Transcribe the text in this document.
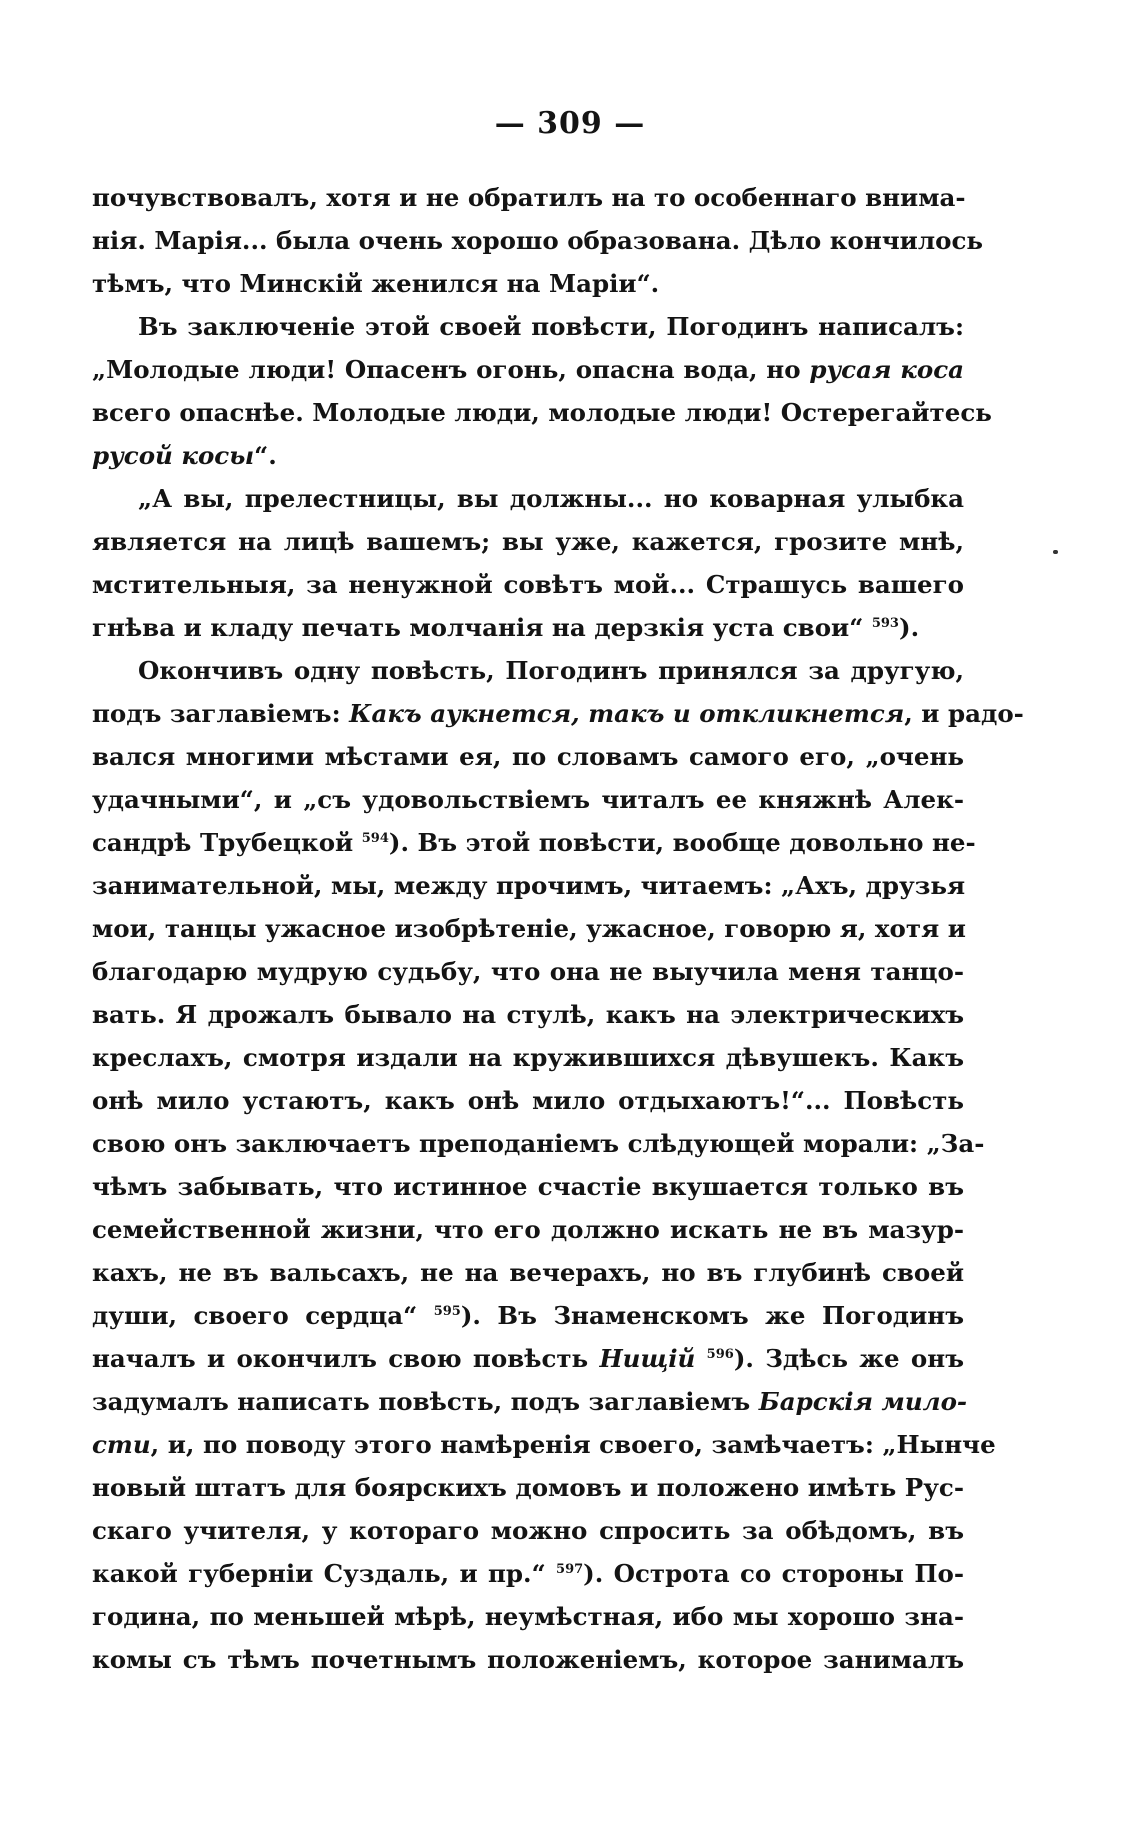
— 309 —
почувствовалъ, хотя и не обратилъ на то особеннаго внима-
нія. Марія... была очень хорошо образована. Дѣло кончилось
тѣмъ, что Минскій женился на Маріи“.
Въ заключеніе этой своей повѣсти, Погодинъ написалъ:
„Молодые люди! Опасенъ огонь, опасна вода, но русая коса
всего опаснѣе. Молодые люди, молодые люди! Остерегайтесь
русой косы“.
„А вы, прелестницы, вы должны... но коварная улыбка
является на лицѣ вашемъ; вы уже, кажется, грозите мнѣ,
мстительныя, за ненужной совѣтъ мой... Страшусь вашего
гнѣва и кладу печать молчанія на дерзкія уста свои“ $^{593}$).
Окончивъ одну повѣсть, Погодинъ принялся за другую,
подъ заглавіемъ: Какъ аукнется, такъ и откликнется, и радо-
вался многими мѣстами ея, по словамъ самого его, „очень
удачными“, и „съ удовольствіемъ читалъ ее княжнѣ Алек-
сандрѣ Трубецкой $^{594}$). Въ этой повѣсти, вообще довольно не-
занимательной, мы, между прочимъ, читаемъ: „Ахъ, друзья
мои, танцы ужасное изобрѣтеніе, ужасное, говорю я, хотя и
благодарю мудрую судьбу, что она не выучила меня танцо-
вать. Я дрожалъ бывало на стулѣ, какъ на электрическихъ
креслахъ, смотря издали на кружившихся дѣвушекъ. Какъ
онѣ мило устаютъ, какъ онѣ мило отдыхаютъ!“... Повѣсть
свою онъ заключаетъ преподаніемъ слѣдующей морали: „За-
чѣмъ забывать, что истинное счастіе вкушается только въ
семейственной жизни, что его должно искать не въ мазур-
кахъ, не въ вальсахъ, не на вечерахъ, но въ глубинѣ своей
души, своего сердца“ $^{595}$). Въ Знаменскомъ же Погодинъ
началъ и окончилъ свою повѣсть Нищій $^{596}$). Здѣсь же онъ
задумалъ написать повѣсть, подъ заглавіемъ Барскія мило-
сти, и, по поводу этого намѣренія своего, замѣчаетъ: „Нынче
новый штатъ для боярскихъ домовъ и положено имѣть Рус-
скаго учителя, у котораго можно спросить за обѣдомъ, въ
какой губерніи Суздаль, и пр.“ $^{597}$). Острота со стороны По-
година, по меньшей мѣрѣ, неумѣстная, ибо мы хорошо зна-
комы съ тѣмъ почетнымъ положеніемъ, которое занималъ
